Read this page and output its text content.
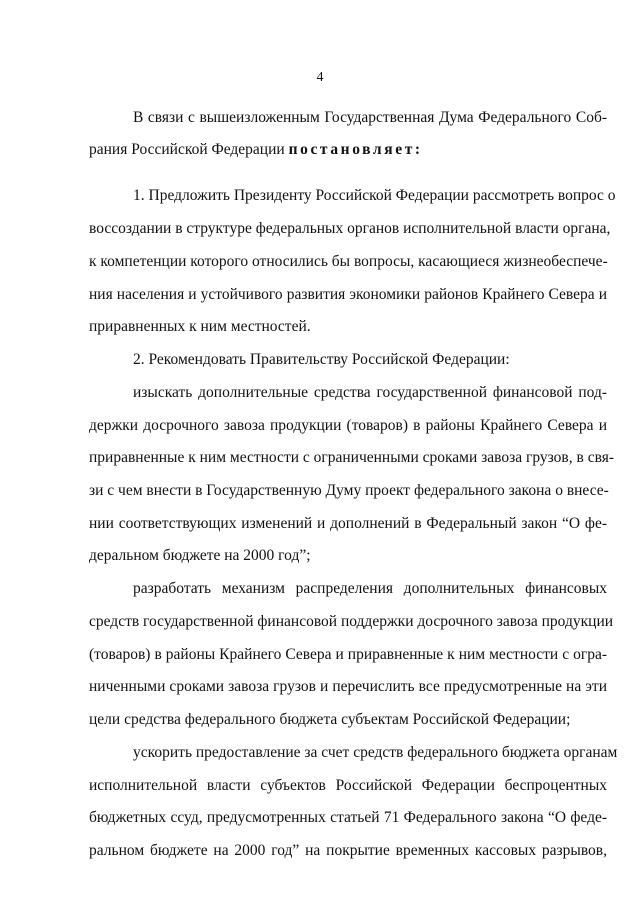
4
В связи с вышеизложенным Государственная Дума Федерального Соб-
рания Российской Федерации постановляет:
1. Предложить Президенту Российской Федерации рассмотреть вопрос о
воссоздании в структуре федеральных органов исполнительной власти органа,
к компетенции которого относились бы вопросы, касающиеся жизнеобеспече-
ния населения и устойчивого развития экономики районов Крайнего Севера и
приравненных к ним местностей.
2. Рекомендовать Правительству Российской Федерации:
изыскать дополнительные средства государственной финансовой под-
держки досрочного завоза продукции (товаров) в районы Крайнего Севера и
приравненные к ним местности с ограниченными сроками завоза грузов, в свя-
зи с чем внести в Государственную Думу проект федерального закона о внесе-
нии соответствующих изменений и дополнений в Федеральный закон “О фе-
деральном бюджете на 2000 год”;
разработать механизм распределения дополнительных финансовых
средств государственной финансовой поддержки досрочного завоза продукции
(товаров) в районы Крайнего Севера и приравненные к ним местности с огра-
ниченными сроками завоза грузов и перечислить все предусмотренные на эти
цели средства федерального бюджета субъектам Российской Федерации;
ускорить предоставление за счет средств федерального бюджета органам
исполнительной власти субъектов Российской Федерации беспроцентных
бюджетных ссуд, предусмотренных статьей 71 Федерального закона “О феде-
ральном бюджете на 2000 год” на покрытие временных кассовых разрывов,
